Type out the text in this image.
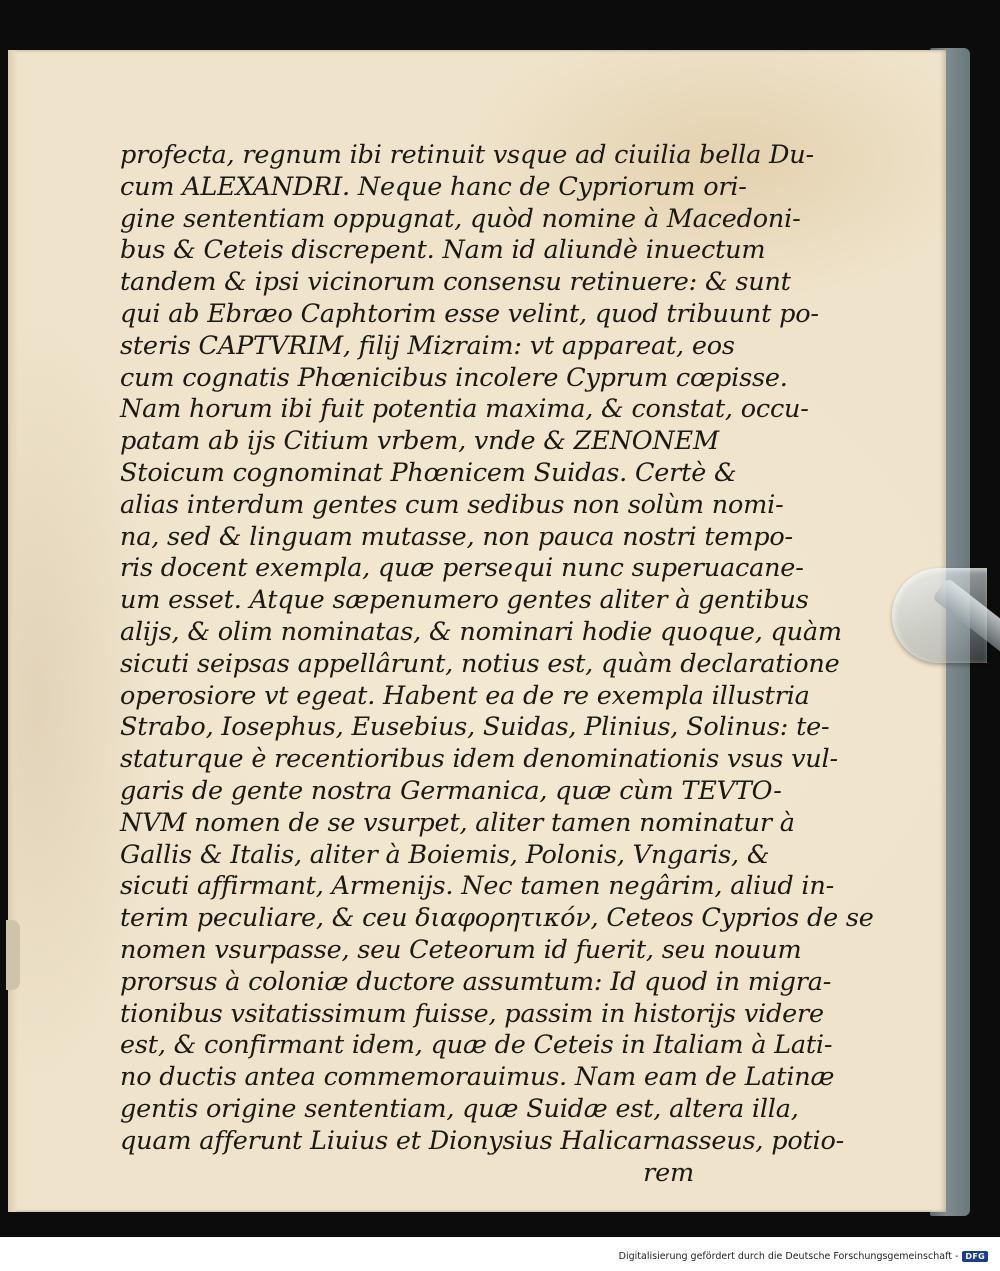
profecta, regnum ibi retinuit vsque ad ciuilia bella Du-
cum ALEXANDRI. Neque hanc de Cypriorum ori-
gine sententiam oppugnat, quòd nomine à Macedoni-
bus & Ceteis discrepent. Nam id aliundè inuectum
tandem & ipsi vicinorum consensu retinuere: & sunt
qui ab Ebræo Caphtorim esse velint, quod tribuunt po-
steris CAPTVRIM, filij Mizraim: vt appareat, eos
cum cognatis Phœnicibus incolere Cyprum cœpisse.
Nam horum ibi fuit potentia maxima, & constat, occu-
patam ab ijs Citium vrbem, vnde & ZENONEM
Stoicum cognominat Phœnicem Suidas. Certè &
alias interdum gentes cum sedibus non solùm nomi-
na, sed & linguam mutasse, non pauca nostri tempo-
ris docent exempla, quæ persequi nunc superuacane-
um esset. Atque sæpenumero gentes aliter à gentibus
alijs, & olim nominatas, & nominari hodie quoque, quàm
sicuti seipsas appellârunt, notius est, quàm declaratione
operosiore vt egeat. Habent ea de re exempla illustria
Strabo, Iosephus, Eusebius, Suidas, Plinius, Solinus: te-
staturque è recentioribus idem denominationis vsus vul-
garis de gente nostra Germanica, quæ cùm TEVTO-
NVM nomen de se vsurpet, aliter tamen nominatur à
Gallis & Italis, aliter à Boiemis, Polonis, Vngaris, &
sicuti affirmant, Armenijs. Nec tamen negârim, aliud in-
terim peculiare, & ceu διαφορητικόν, Ceteos Cyprios de se
nomen vsurpasse, seu Ceteorum id fuerit, seu nouum
prorsus à coloniæ ductore assumtum: Id quod in migra-
tionibus vsitatissimum fuisse, passim in historijs videre
est, & confirmant idem, quæ de Ceteis in Italiam à Lati-
no ductis antea commemorauimus. Nam eam de Latinæ
gentis origine sententiam, quæ Suidæ est, altera illa,
quam afferunt Liuius et Dionysius Halicarnasseus, potio-
rem
Digitalisierung gefördert durch die Deutsche Forschungsgemeinschaft - DFG
